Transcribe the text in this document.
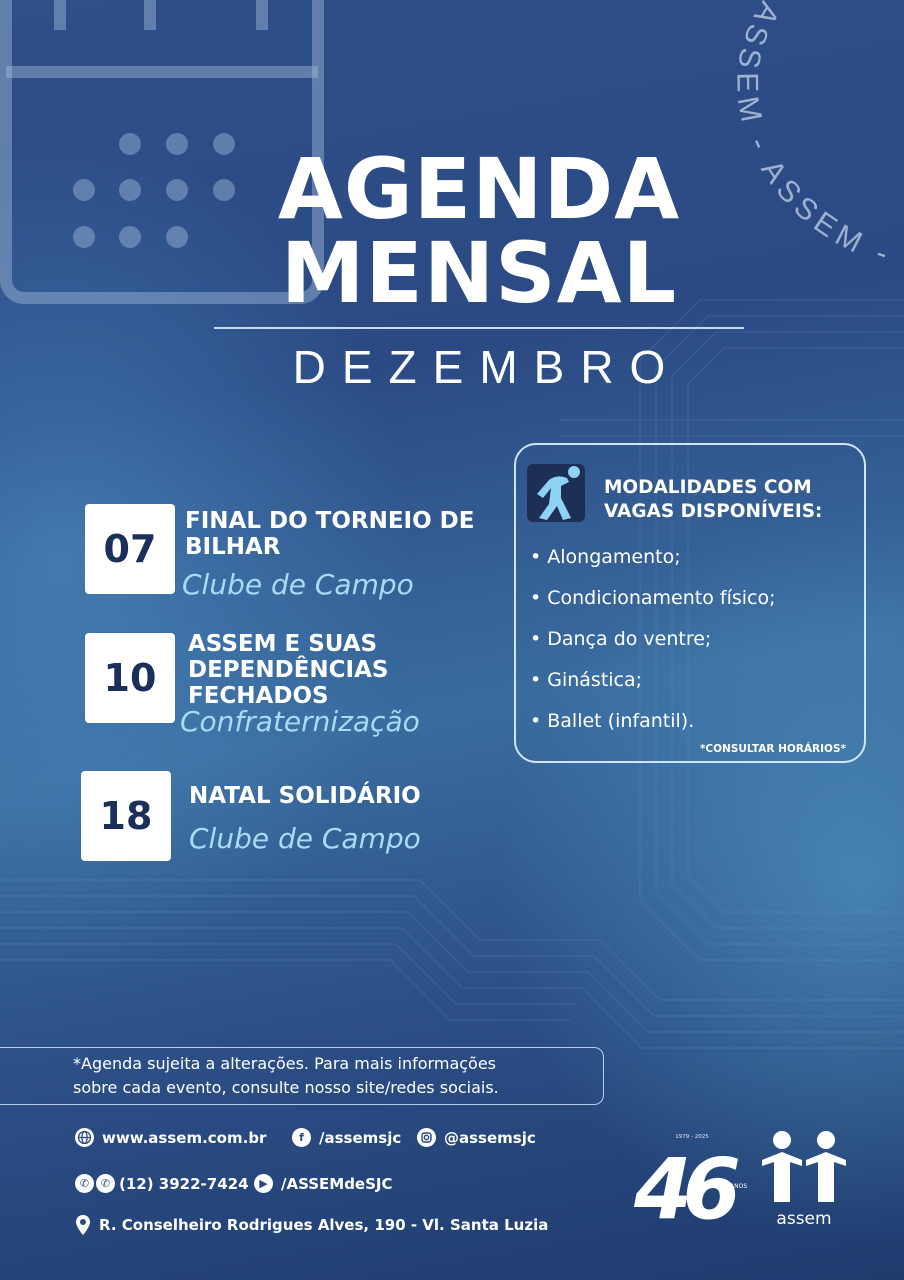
ASSEM - ASSEM -
AGENDA
MENSAL
DEZEMBRO
07
FINAL DO TORNEIO DE
BILHAR
Clube de Campo
10
ASSEM E SUAS
DEPENDÊNCIAS
FECHADOS
Confraternização
18	NATAL SOLIDÁRIO
Clube de Campo
MODALIDADES COM
VAGAS DISPONÍVEIS:
• Alongamento;
• Condicionamento físico;
• Dança do ventre;
• Ginástica;
• Ballet (infantil).
*CONSULTAR HORÁRIOS*
*Agenda sujeita a alterações. Para mais informações
sobre cada evento, consulte nosso site/redes sociais.
www.assem.com.br	f	/assemsjc	@assemsjc
✆	✆ (12) 3922-7424 ▶ /ASSEMdeSJC
R. Conselheiro Rodrigues Alves, 190 - Vl. Santa Luzia
1979 - 2025
46 ANOS
assem
